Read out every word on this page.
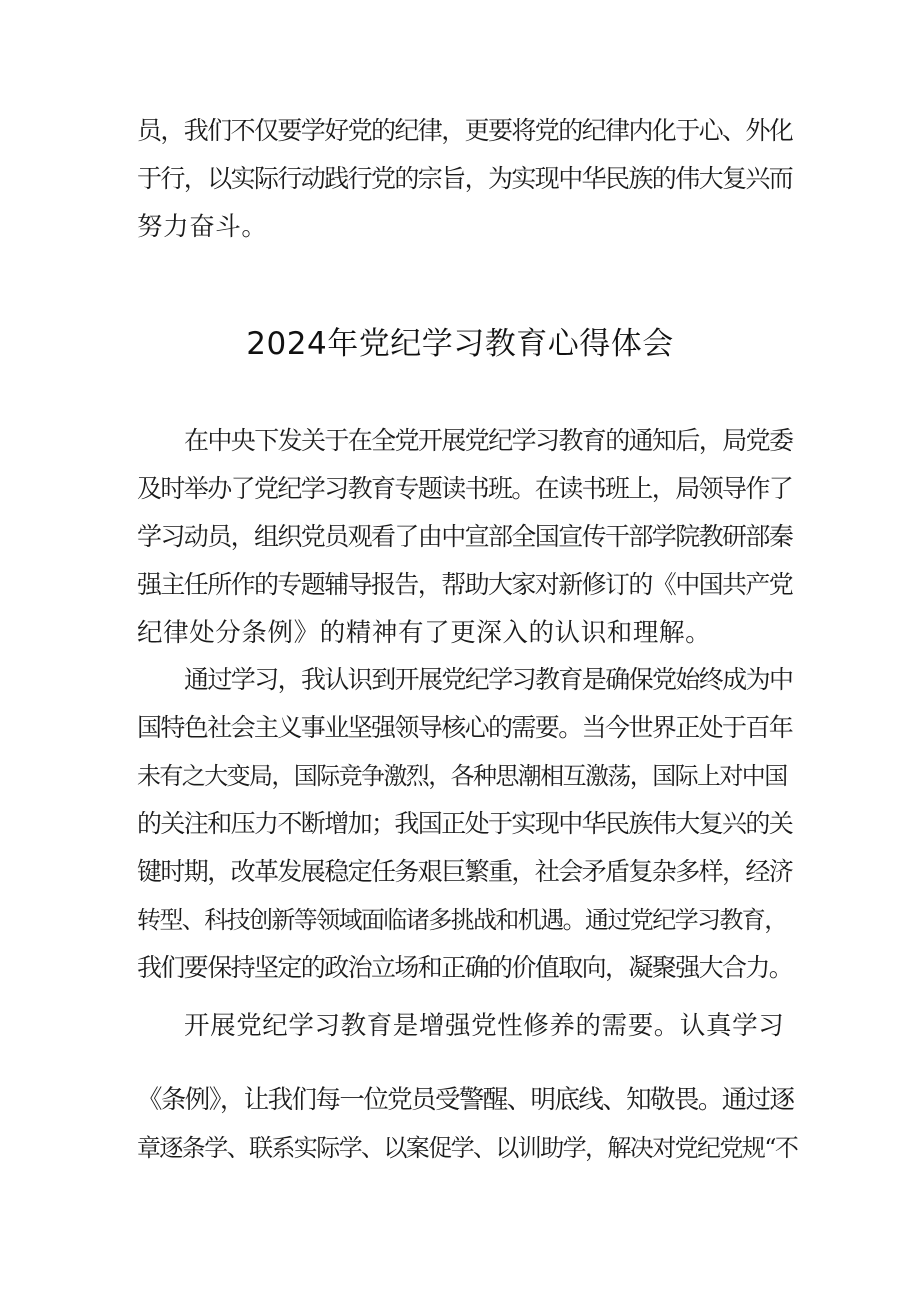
员，我们不仅要学好党的纪律，更要将党的纪律内化于心、外化
于行，以实际行动践行党的宗旨，为实现中华民族的伟大复兴而
努力奋斗。
2024年党纪学习教育心得体会
在中央下发关于在全党开展党纪学习教育的通知后，局党委
及时举办了党纪学习教育专题读书班。在读书班上，局领导作了
学习动员，组织党员观看了由中宣部全国宣传干部学院教研部秦
强主任所作的专题辅导报告，帮助大家对新修订的《中国共产党
纪律处分条例》的精神有了更深入的认识和理解。
通过学习，我认识到开展党纪学习教育是确保党始终成为中
国特色社会主义事业坚强领导核心的需要。当今世界正处于百年
未有之大变局，国际竞争激烈，各种思潮相互激荡，国际上对中国
的关注和压力不断增加；我国正处于实现中华民族伟大复兴的关
键时期，改革发展稳定任务艰巨繁重，社会矛盾复杂多样，经济
转型、科技创新等领域面临诸多挑战和机遇。通过党纪学习教育，
我们要保持坚定的政治立场和正确的价值取向，凝聚强大合力。
开展党纪学习教育是增强党性修养的需要。认真学习
《条例》，让我们每一位党员受警醒、明底线、知敬畏。通过逐
章逐条学、联系实际学、以案促学、以训助学，解决对党纪党规“不
